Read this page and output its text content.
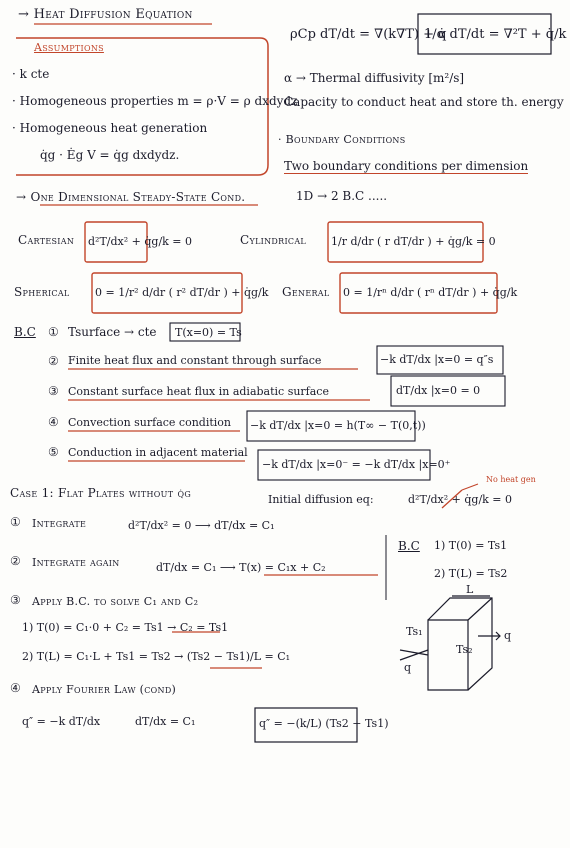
→ Heat Diffusion Equation
Assumptions
· k cte
· Homogeneous properties m = ρ·V = ρ dxdydz
· Homogeneous heat generation
q̇g · Ėg V = q̇g dxdydz.
ρCp dT/dt = ∇(k∇T) + q̇
1/α dT/dt = ∇²T + q̇/k
α → Thermal diffusivity [m²/s]
Capacity to conduct heat and store th. energy
· Boundary Conditions
Two boundary conditions per dimension
1D → 2 B.C .....
→ One Dimensional Steady-State Cond.
Cartesian d²T/dx² + q̇g/k = 0	Cylindrical 1/r d/dr ( r dT/dr ) + q̇g/k = 0
Spherical 0 = 1/r² d/dr ( r² dT/dr ) + q̇g/k General 0 = 1/rⁿ d/dr ( rⁿ dT/dr ) + q̇g/k
B.C ① Tsurface → cte T(x=0) = Ts
② Finite heat flux and constant through surface	−k dT/dx |x=0 = q″s
③ Constant surface heat flux in adiabatic surface	dT/dx |x=0 = 0
④ Convection surface condition −k dT/dx |x=0 = h(T∞ − T(0,t))
⑤ Conduction in adjacent material
−k dT/dx |x=0⁻ = −k dT/dx |x=0⁺
Case 1: Flat Plates without q̇g	Initial diffusion eq:	d²T/dx² + q̇g/k = 0
No heat gen
① Integrate	d²T/dx² = 0 ⟶ dT/dx = C₁
② Integrate again	dT/dx = C₁ ⟶ T(x) = C₁x + C₂
③ Apply B.C. to solve C₁ and C₂
1) T(0) = C₁·0 + C₂ = Ts1 → C₂ = Ts1
2) T(L) = C₁·L + Ts1 = Ts2 → (Ts2 − Ts1)/L = C₁
④ Apply Fourier Law (cond)
q″ = −k dT/dx	dT/dx = C₁	q″ = −(k/L) (Ts2 − Ts1)
B.C 1) T(0) = Ts1
2) T(L) = Ts2
L
Ts₁
Ts₂
q
q
